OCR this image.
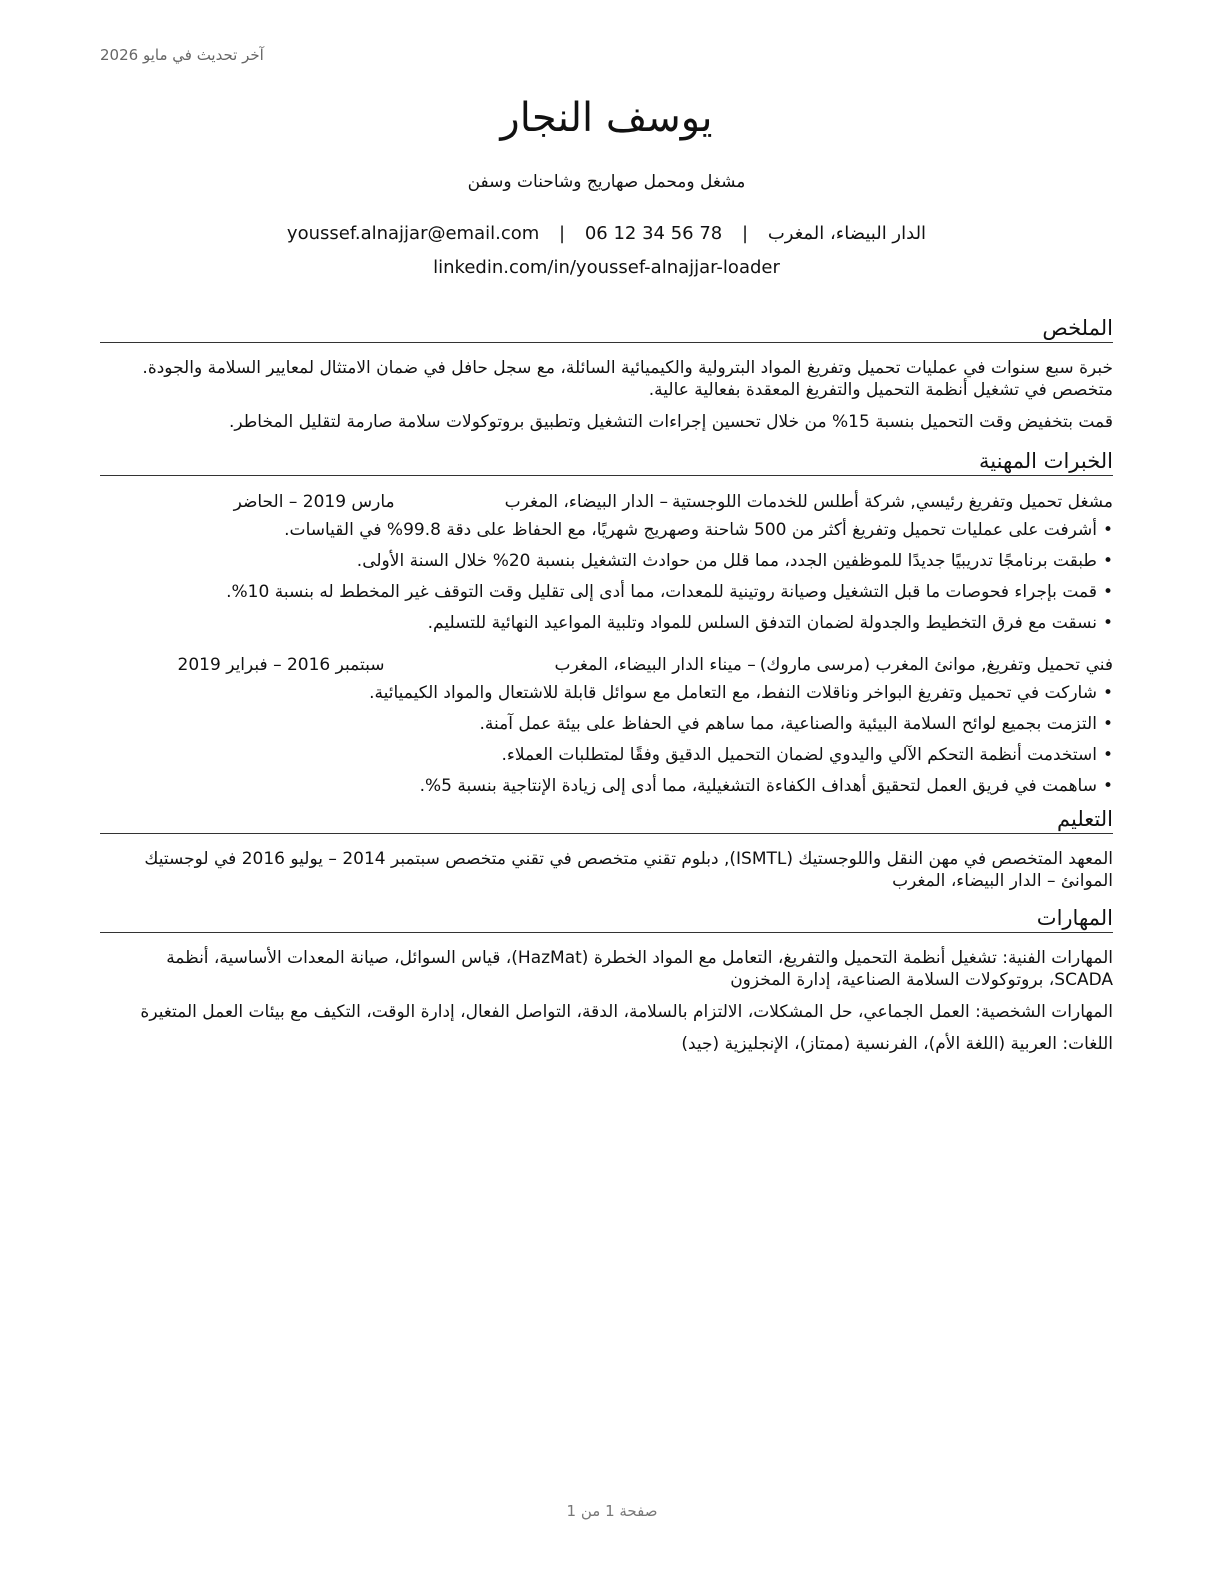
آخر تحديث في مايو 2026
يوسف النجار
مشغل ومحمل صهاريج وشاحنات وسفن
الدار البيضاء، المغرب | youssef.alnajjar@email.com | 06 12 34 56 78
linkedin.com/in/youssef-alnajjar-loader
الملخص

خبرة سبع سنوات في عمليات تحميل وتفريغ المواد البترولية والكيميائية السائلة، مع سجل حافل في ضمان الامتثال لمعايير السلامة والجودة. متخصص في تشغيل أنظمة التحميل والتفريغ المعقدة بفعالية عالية.

قمت بتخفيض وقت التحميل بنسبة 15% من خلال تحسين إجراءات التشغيل وتطبيق بروتوكولات سلامة صارمة لتقليل المخاطر.

الخبرات المهنية
مشغل تحميل وتفريغ رئيسي, شركة أطلس للخدمات اللوجستية
– الدار البيضاء، المغرب
مارس 2019 – الحاضر
•أشرفت على عمليات تحميل وتفريغ أكثر من 500 شاحنة وصهريج شهريًا، مع الحفاظ على دقة 99.8% في القياسات.
•طبقت برنامجًا تدريبيًا جديدًا للموظفين الجدد، مما قلل من حوادث التشغيل بنسبة 20% خلال السنة الأولى.
•قمت بإجراء فحوصات ما قبل التشغيل وصيانة روتينية للمعدات، مما أدى إلى تقليل وقت التوقف غير المخطط له بنسبة 10%.
•نسقت مع فرق التخطيط والجدولة لضمان التدفق السلس للمواد وتلبية المواعيد النهائية للتسليم.
فني تحميل وتفريغ, موانئ المغرب (مرسى ماروك)
– ميناء الدار البيضاء، المغرب
سبتمبر 2016 – فبراير 2019
•شاركت في تحميل وتفريغ البواخر وناقلات النفط، مع التعامل مع سوائل قابلة للاشتعال والمواد الكيميائية.
•التزمت بجميع لوائح السلامة البيئية والصناعية، مما ساهم في الحفاظ على بيئة عمل آمنة.
•استخدمت أنظمة التحكم الآلي واليدوي لضمان التحميل الدقيق وفقًا لمتطلبات العملاء.
•ساهمت في فريق العمل لتحقيق أهداف الكفاءة التشغيلية، مما أدى إلى زيادة الإنتاجية بنسبة 5%.
التعليم

المعهد المتخصص في مهن النقل واللوجستيك (ISMTL), دبلوم تقني متخصص في تقني متخصص سبتمبر 2014 – يوليو 2016 في لوجستيك الموانئ – الدار البيضاء، المغرب

المهارات

المهارات الفنية: تشغيل أنظمة التحميل والتفريغ، التعامل مع المواد الخطرة (HazMat)، قياس السوائل، صيانة المعدات الأساسية، أنظمة SCADA، بروتوكولات السلامة الصناعية، إدارة المخزون

المهارات الشخصية: العمل الجماعي، حل المشكلات، الالتزام بالسلامة، الدقة، التواصل الفعال، إدارة الوقت، التكيف مع بيئات العمل المتغيرة

اللغات: العربية (اللغة الأم)، الفرنسية (ممتاز)، الإنجليزية (جيد)

صفحة 1 من 1
